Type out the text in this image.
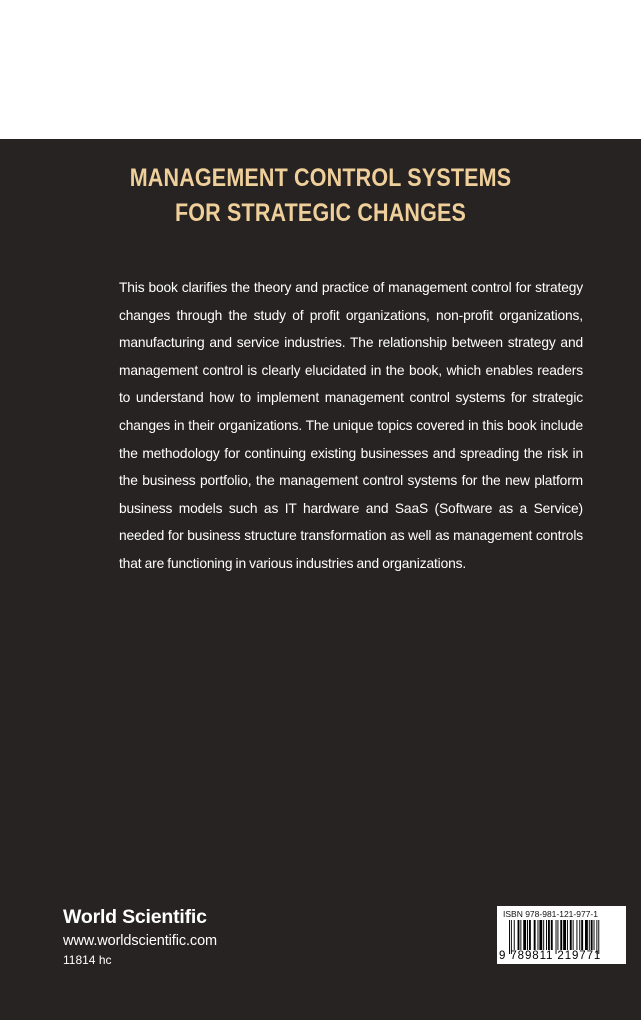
MANAGEMENT CONTROL SYSTEMS
FOR STRATEGIC CHANGES

This book clarifies the theory and practice of management control for strategy changes through the study of profit organizations, non-profit organizations, manufacturing and service industries. The relationship between strategy and management control is clearly elucidated in the book, which enables readers to understand how to implement management control systems for strategic changes in their organizations. The unique topics covered in this book include the methodology for continuing existing businesses and spreading the risk in the business portfolio, the management control systems for the new platform business models such as IT hardware and SaaS (Software as a Service) needed for business structure transformation as well as management controls that are functioning in various industries and organizations.

World Scientific
www.worldscientific.com
11814 hc
ISBN 978-981-121-977-1
9 789811 219771
